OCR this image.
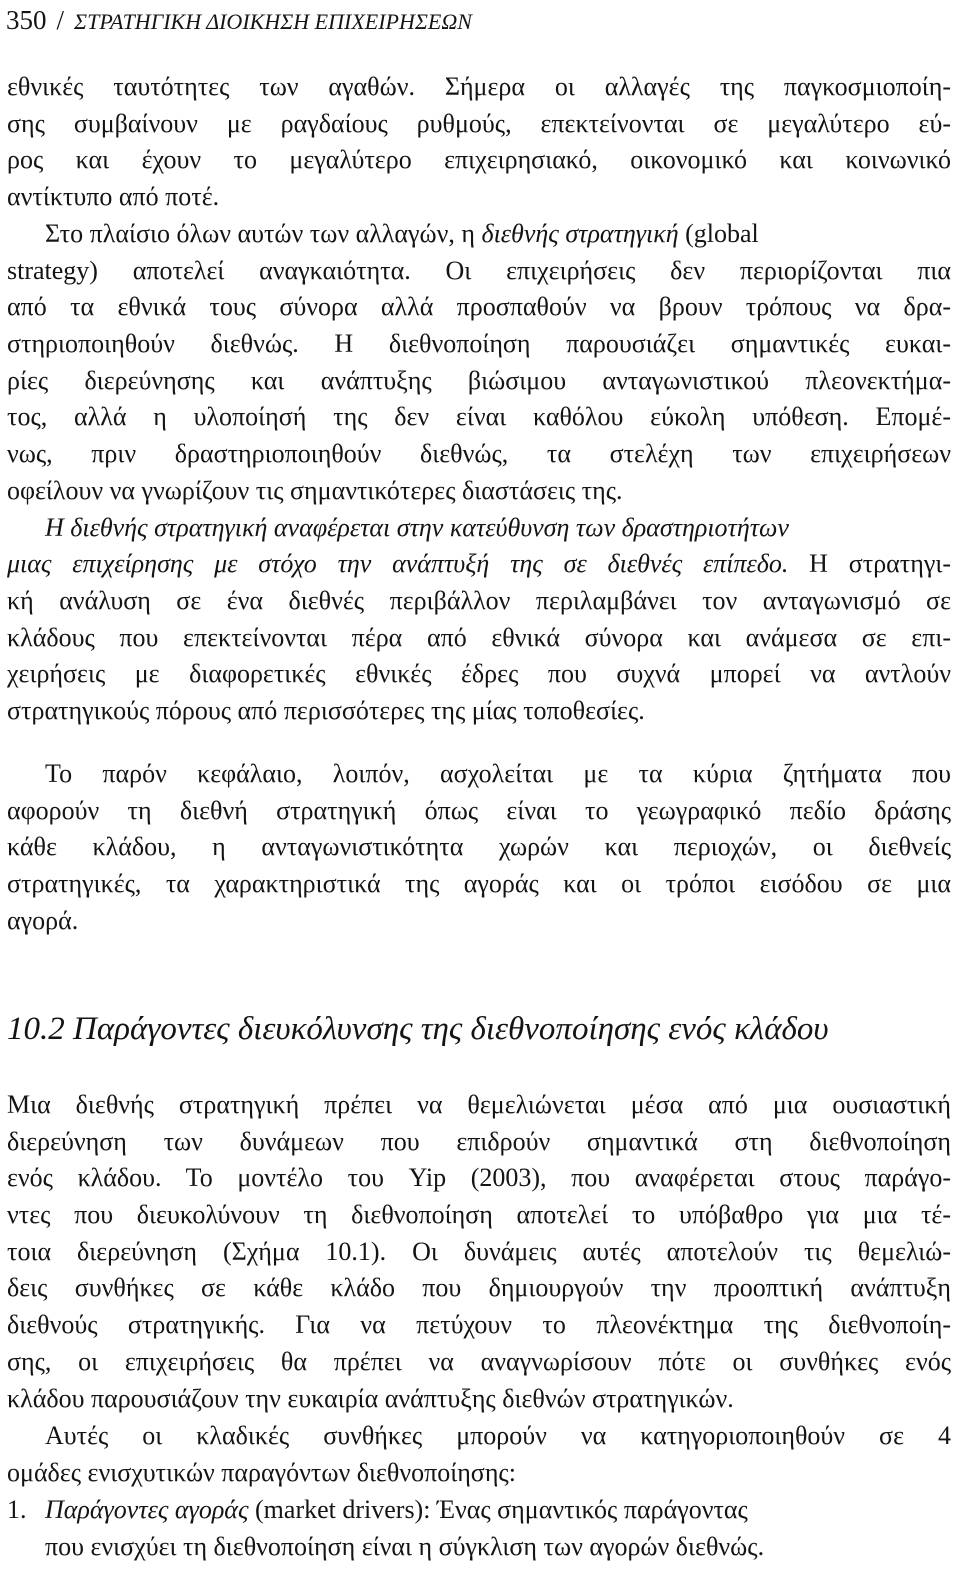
350 / ΣΤΡΑΤΗΓΙΚΗ ΔΙΟΙΚΗΣΗ ΕΠΙΧΕΙΡΗΣΕΩΝ
εθνικές ταυτότητες των αγαθών. Σήμερα οι αλλαγές της παγκοσμιοποίη-
σης συμβαίνουν με ραγδαίους ρυθμούς, επεκτείνονται σε μεγαλύτερο εύ-
ρος και έχουν το μεγαλύτερο επιχειρησιακό, οικονομικό και κοινωνικό
αντίκτυπο από ποτέ.
Στο πλαίσιο όλων αυτών των αλλαγών, η διεθνής στρατηγική (global
strategy) αποτελεί αναγκαιότητα. Οι επιχειρήσεις δεν περιορίζονται πια
από τα εθνικά τους σύνορα αλλά προσπαθούν να βρουν τρόπους να δρα-
στηριοποιηθούν διεθνώς. Η διεθνοποίηση παρουσιάζει σημαντικές ευκαι-
ρίες διερεύνησης και ανάπτυξης βιώσιμου ανταγωνιστικού πλεονεκτήμα-
τος, αλλά η υλοποίησή της δεν είναι καθόλου εύκολη υπόθεση. Επομέ-
νως, πριν δραστηριοποιηθούν διεθνώς, τα στελέχη των επιχειρήσεων
οφείλουν να γνωρίζουν τις σημαντικότερες διαστάσεις της.
Η διεθνής στρατηγική αναφέρεται στην κατεύθυνση των δραστηριοτήτων
μιας επιχείρησης με στόχο την ανάπτυξή της σε διεθνές επίπεδο. Η στρατηγι-
κή ανάλυση σε ένα διεθνές περιβάλλον περιλαμβάνει τον ανταγωνισμό σε
κλάδους που επεκτείνονται πέρα από εθνικά σύνορα και ανάμεσα σε επι-
χειρήσεις με διαφορετικές εθνικές έδρες που συχνά μπορεί να αντλούν
στρατηγικούς πόρους από περισσότερες της μίας τοποθεσίες.
Το παρόν κεφάλαιο, λοιπόν, ασχολείται με τα κύρια ζητήματα που
αφορούν τη διεθνή στρατηγική όπως είναι το γεωγραφικό πεδίο δράσης
κάθε κλάδου, η ανταγωνιστικότητα χωρών και περιοχών, οι διεθνείς
στρατηγικές, τα χαρακτηριστικά της αγοράς και οι τρόποι εισόδου σε μια
αγορά.
10.2 Παράγοντες διευκόλυνσης της διεθνοποίησης ενός κλάδου
Μια διεθνής στρατηγική πρέπει να θεμελιώνεται μέσα από μια ουσιαστική
διερεύνηση των δυνάμεων που επιδρούν σημαντικά στη διεθνοποίηση
ενός κλάδου. Το μοντέλο του Yip (2003), που αναφέρεται στους παράγο-
ντες που διευκολύνουν τη διεθνοποίηση αποτελεί το υπόβαθρο για μια τέ-
τοια διερεύνηση (Σχήμα 10.1). Οι δυνάμεις αυτές αποτελούν τις θεμελιώ-
δεις συνθήκες σε κάθε κλάδο που δημιουργούν την προοπτική ανάπτυξη
διεθνούς στρατηγικής. Για να πετύχουν το πλεονέκτημα της διεθνοποίη-
σης, οι επιχειρήσεις θα πρέπει να αναγνωρίσουν πότε οι συνθήκες ενός
κλάδου παρουσιάζουν την ευκαιρία ανάπτυξης διεθνών στρατηγικών.
Αυτές οι κλαδικές συνθήκες μπορούν να κατηγοριοποιηθούν σε 4
ομάδες ενισχυτικών παραγόντων διεθνοποίησης:
1. Παράγοντες αγοράς (market drivers): Ένας σημαντικός παράγοντας
που ενισχύει τη διεθνοποίηση είναι η σύγκλιση των αγορών διεθνώς.
